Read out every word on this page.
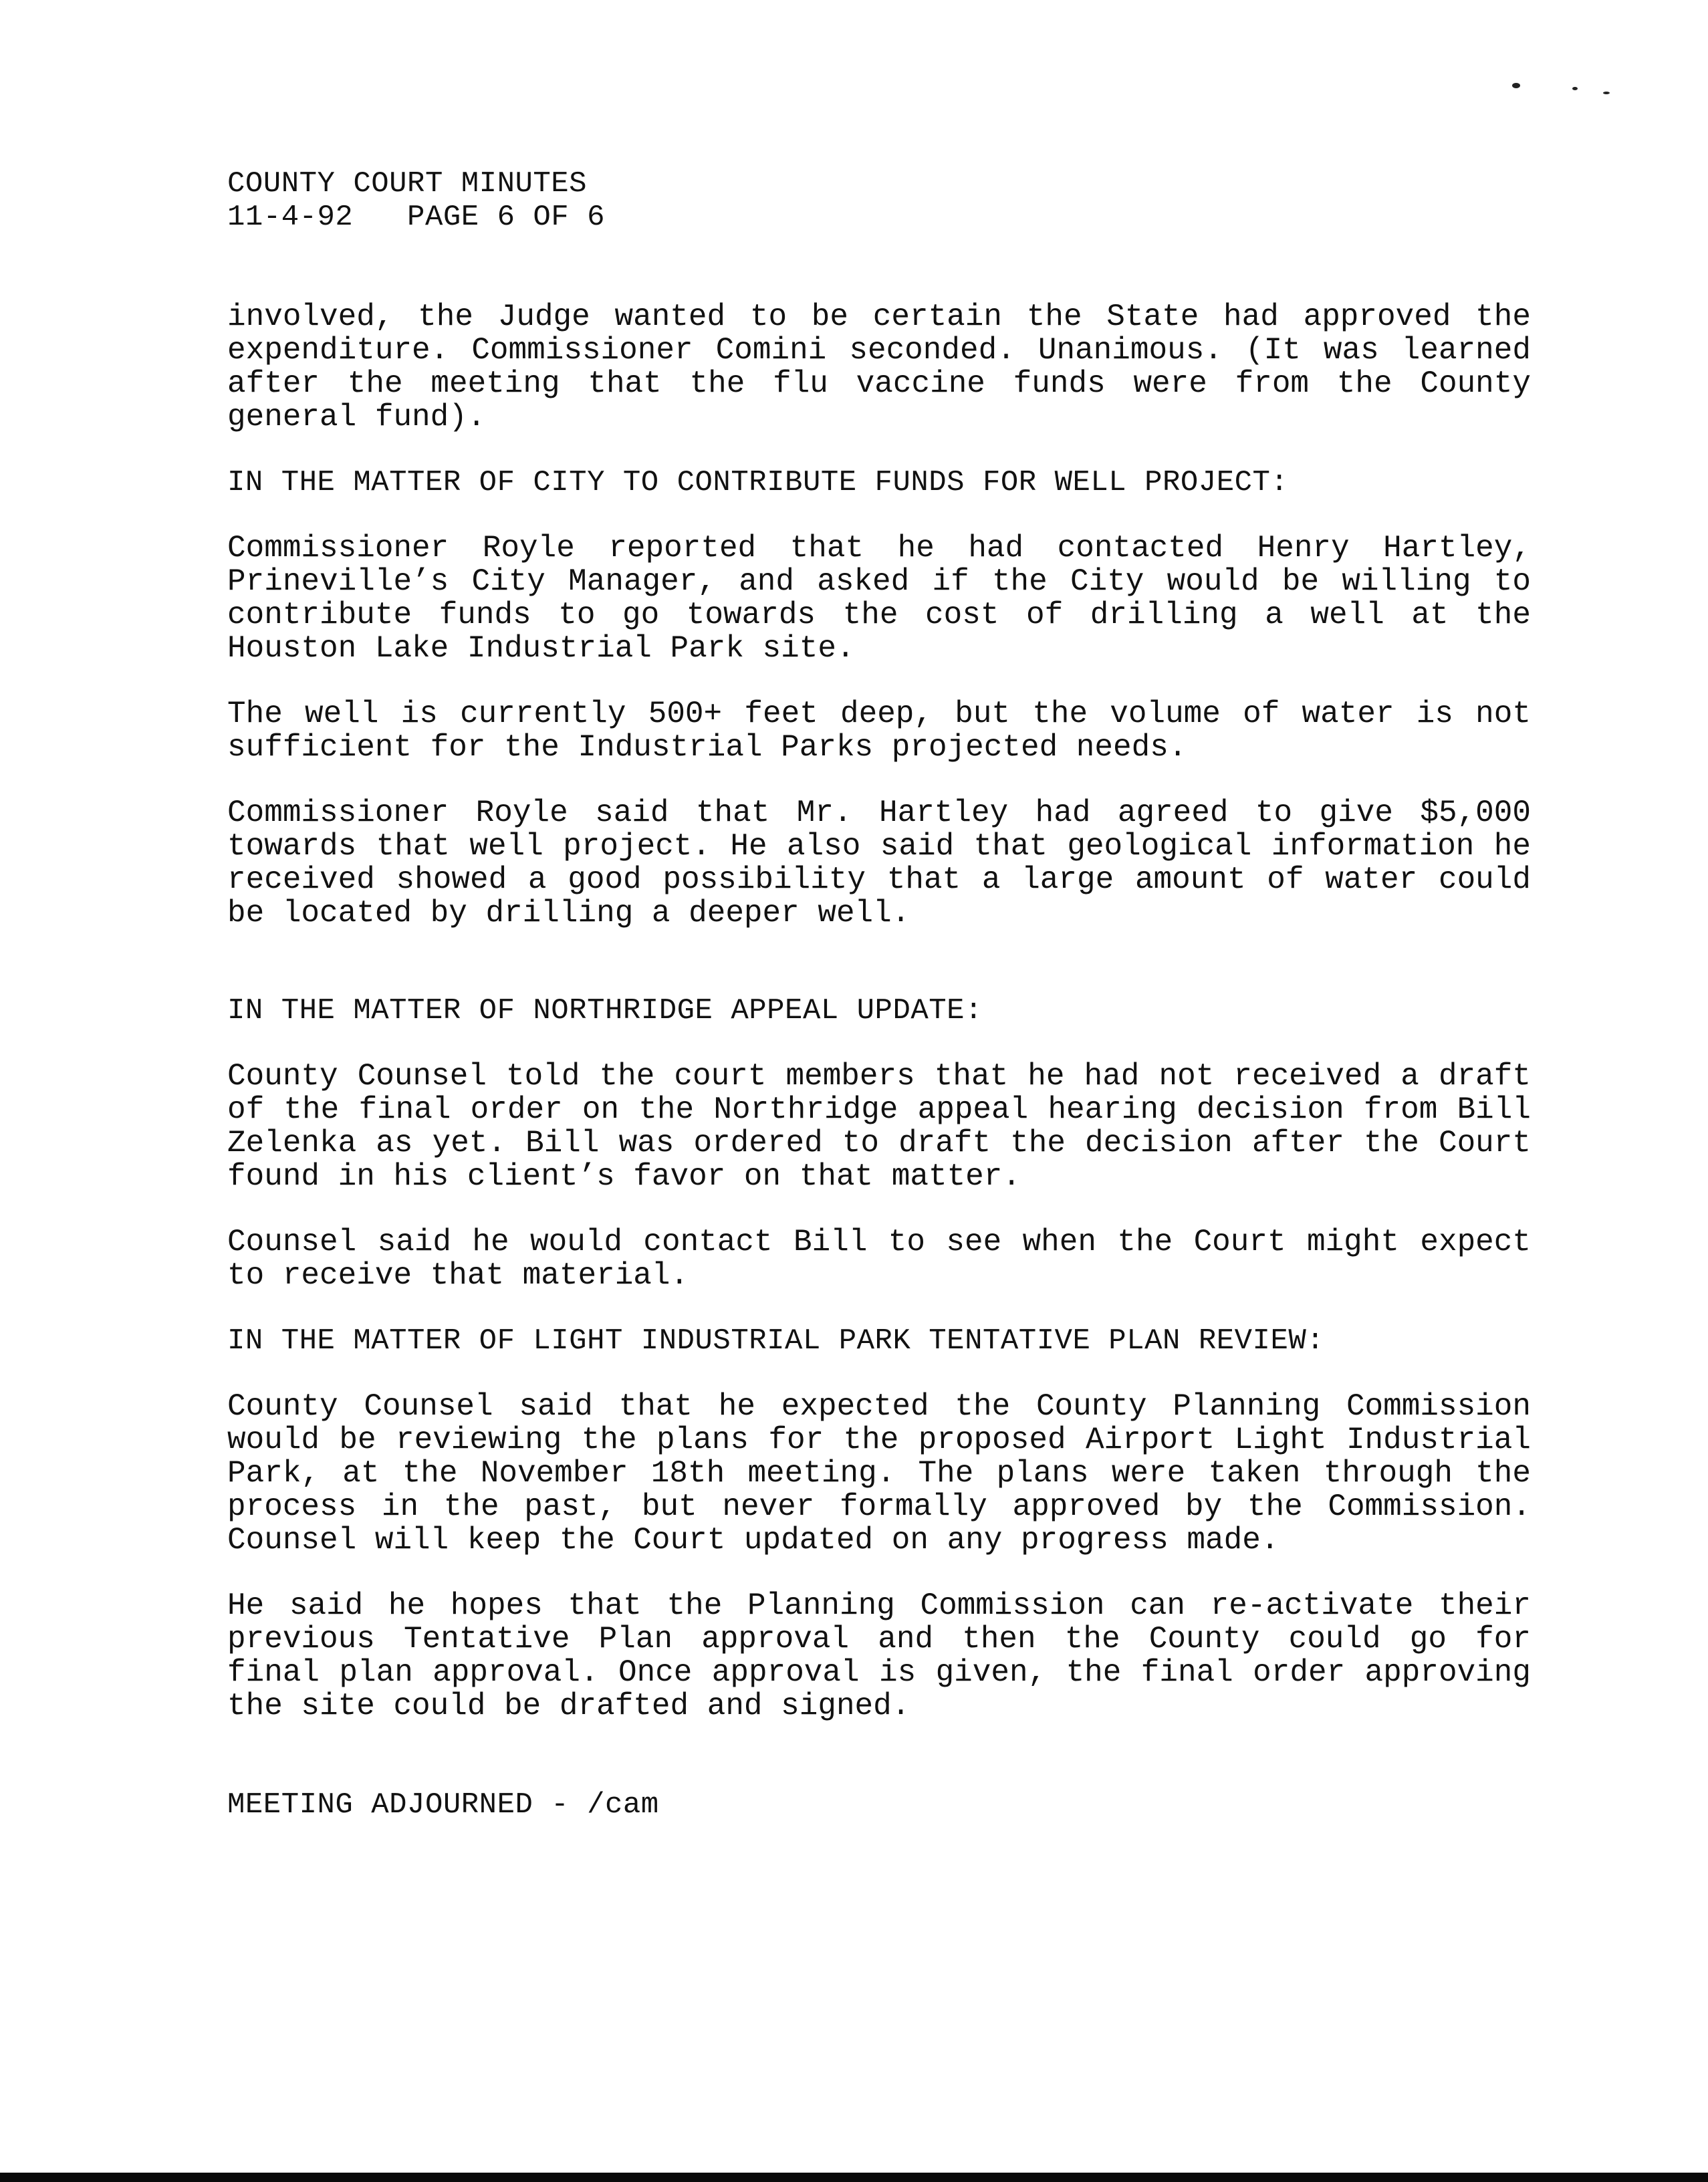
COUNTY COURT MINUTES
11-4-92   PAGE 6 OF 6

involved, the Judge wanted to be certain the State had approved the expenditure. Commissioner Comini seconded. Unanimous. (It was learned after the meeting that the flu vaccine funds were from the County general fund).

IN THE MATTER OF CITY TO CONTRIBUTE FUNDS FOR WELL PROJECT:

Commissioner Royle reported that he had contacted Henry Hartley, Prineville’s City Manager, and asked if the City would be willing to contribute funds to go towards the cost of drilling a well at the Houston Lake Industrial Park site.

The well is currently 500+ feet deep, but the volume of water is not sufficient for the Industrial Parks projected needs.

Commissioner Royle said that Mr. Hartley had agreed to give $5,000 towards that well project. He also said that geological information he received showed a good possibility that a large amount of water could be located by drilling a deeper well.

IN THE MATTER OF NORTHRIDGE APPEAL UPDATE:

County Counsel told the court members that he had not received a draft of the final order on the Northridge appeal hearing decision from Bill Zelenka as yet. Bill was ordered to draft the decision after the Court found in his client’s favor on that matter.

Counsel said he would contact Bill to see when the Court might expect to receive that material.

IN THE MATTER OF LIGHT INDUSTRIAL PARK TENTATIVE PLAN REVIEW:

County Counsel said that he expected the County Planning Commission would be reviewing the plans for the proposed Airport Light Industrial Park, at the November 18th meeting. The plans were taken through the process in the past, but never formally approved by the Commission. Counsel will keep the Court updated on any progress made.

He said he hopes that the Planning Commission can re-activate their previous Tentative Plan approval and then the County could go for final plan approval. Once approval is given, the final order approving the site could be drafted and signed.

MEETING ADJOURNED - /cam
